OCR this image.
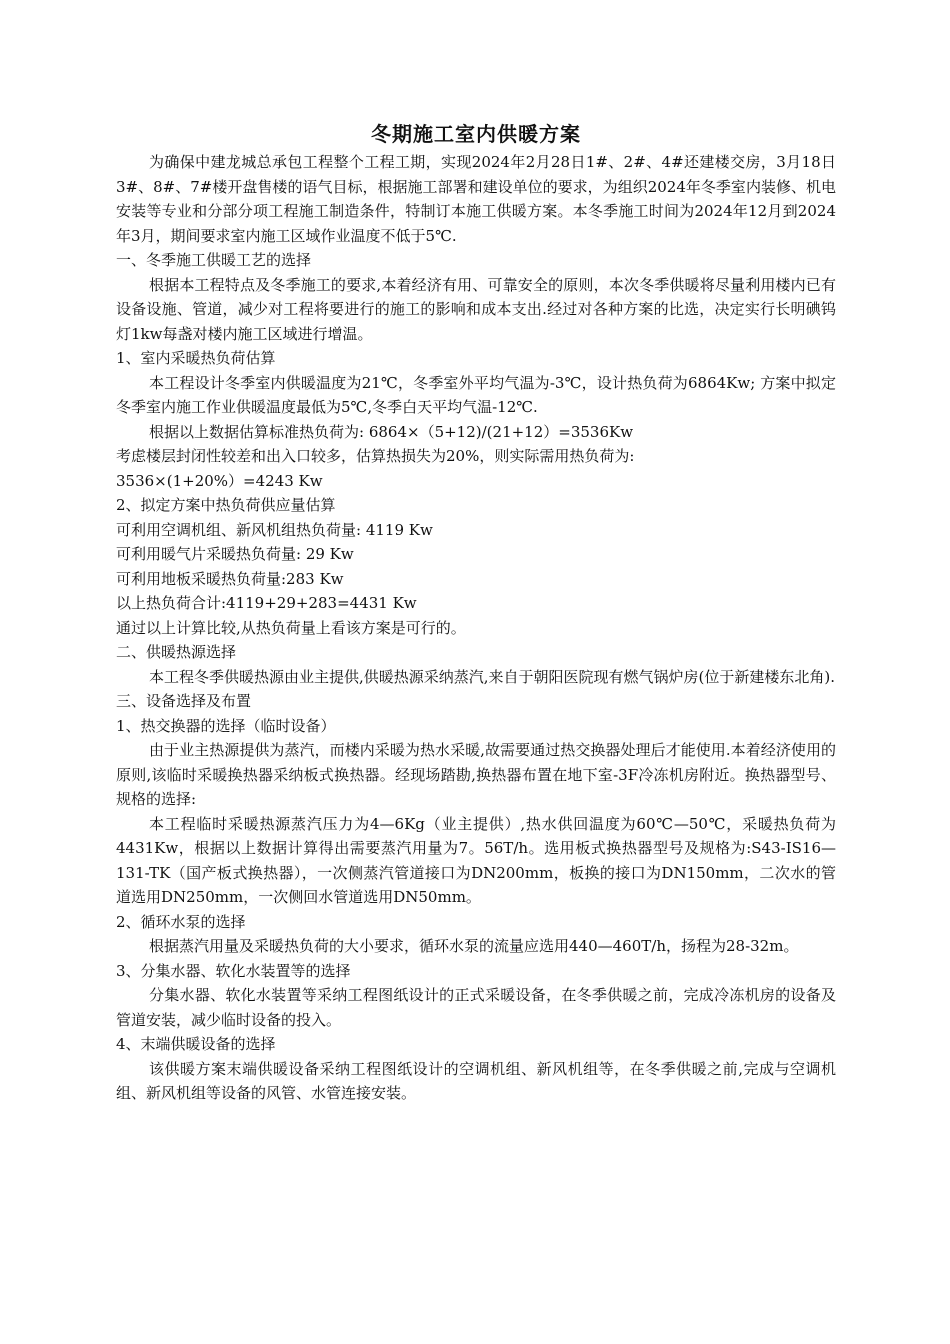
冬期施工室内供暖方案

为确保中建龙城总承包工程整个工程工期，实现2024年2月28日1#、2#、4#还建楼交房，3月18日3#、8#、7#楼开盘售楼的语气目标，根据施工部署和建设单位的要求，为组织2024年冬季室内装修、机电安装等专业和分部分项工程施工制造条件，特制订本施工供暖方案。本冬季施工时间为2024年12月到2024年3月，期间要求室内施工区域作业温度不低于5℃.

一、冬季施工供暖工艺的选择

根据本工程特点及冬季施工的要求,本着经济有用、可靠安全的原则，本次冬季供暖将尽量利用楼内已有设备设施、管道，减少对工程将要进行的施工的影响和成本支出.经过对各种方案的比选，决定实行长明碘钨灯1kw每盏对楼内施工区域进行增温。

1、室内采暖热负荷估算

本工程设计冬季室内供暖温度为21℃，冬季室外平均气温为-3℃，设计热负荷为6864Kw; 方案中拟定冬季室内施工作业供暖温度最低为5℃,冬季白天平均气温-12℃.

根据以上数据估算标准热负荷为: 6864×（5+12)/(21+12）=3536Kw

考虑楼层封闭性较差和出入口较多，估算热损失为20%，则实际需用热负荷为:

3536×(1+20%）=4243 Kw

2、拟定方案中热负荷供应量估算

可利用空调机组、新风机组热负荷量: 4119 Kw

可利用暖气片采暖热负荷量: 29 Kw

可利用地板采暖热负荷量:283 Kw

以上热负荷合计:4119+29+283=4431 Kw

通过以上计算比较,从热负荷量上看该方案是可行的。

二、供暖热源选择

本工程冬季供暖热源由业主提供,供暖热源采纳蒸汽,来自于朝阳医院现有燃气锅炉房(位于新建楼东北角).

三、设备选择及布置

1、热交换器的选择（临时设备）

由于业主热源提供为蒸汽，而楼内采暖为热水采暖,故需要通过热交换器处理后才能使用.本着经济使用的原则,该临时采暖换热器采纳板式换热器。经现场踏勘,换热器布置在地下室-3F冷冻机房附近。换热器型号、规格的选择:

本工程临时采暖热源蒸汽压力为4—6Kg（业主提供）,热水供回温度为60℃—50℃，采暖热负荷为4431Kw，根据以上数据计算得出需要蒸汽用量为7。56T/h。选用板式换热器型号及规格为:S43-IS16—131-TK（国产板式换热器），一次侧蒸汽管道接口为DN200mm，板换的接口为DN150mm，二次水的管道选用DN250mm，一次侧回水管道选用DN50mm。

2、循环水泵的选择

根据蒸汽用量及采暖热负荷的大小要求，循环水泵的流量应选用440—460T/h，扬程为28-32m。

3、分集水器、软化水装置等的选择

分集水器、软化水装置等采纳工程图纸设计的正式采暖设备，在冬季供暖之前，完成冷冻机房的设备及管道安装，减少临时设备的投入。

4、末端供暖设备的选择

该供暖方案末端供暖设备采纳工程图纸设计的空调机组、新风机组等，在冬季供暖之前,完成与空调机组、新风机组等设备的风管、水管连接安装。
